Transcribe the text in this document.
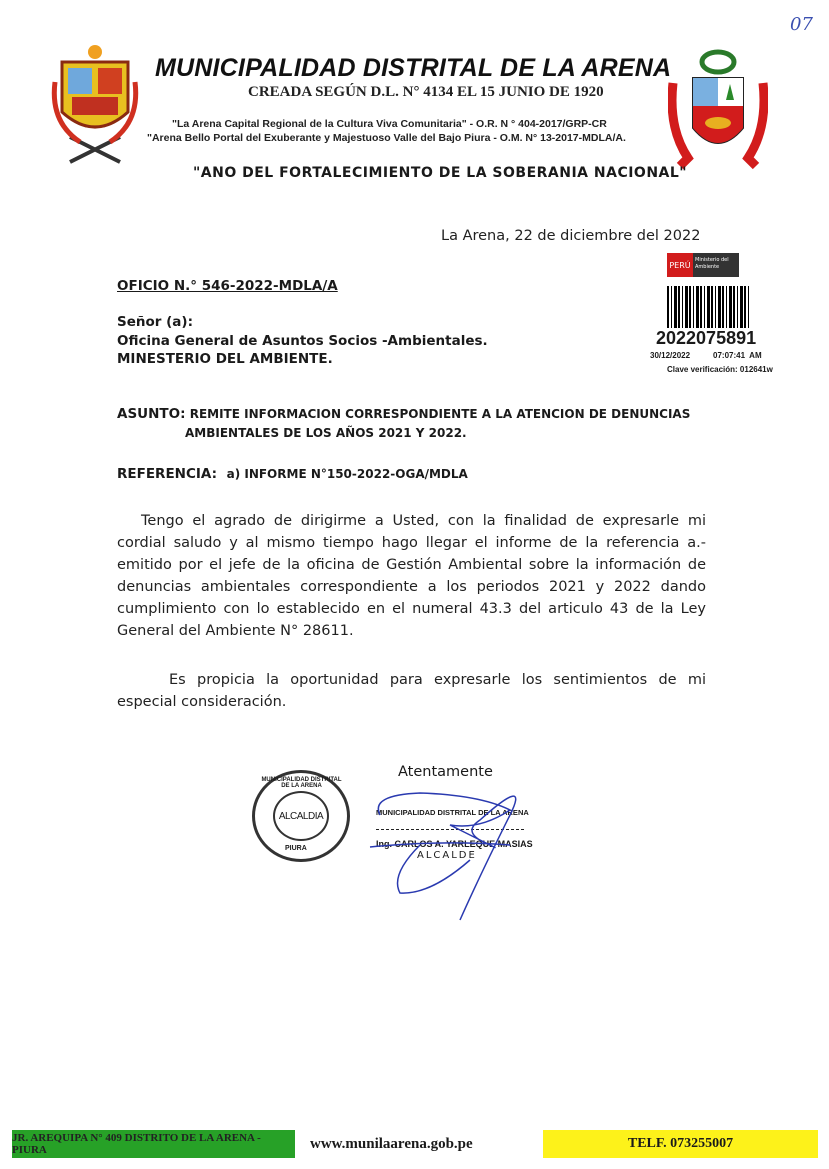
07
MUNICIPALIDAD DISTRITAL DE LA ARENA
CREADA SEGÚN D.L. N° 4134 EL 15 JUNIO DE 1920
"La Arena Capital Regional de la Cultura Viva Comunitaria" - O.R. N ° 404-2017/GRP-CR
"Arena Bello Portal del Exuberante y Majestuoso Valle del Bajo Piura - O.M. N° 13-2017-MDLA/A.
"ANO DEL FORTALECIMIENTO DE LA SOBERANIA NACIONAL"
La Arena, 22 de diciembre del 2022
PERÚ
Ministerio del Ambiente
2022075891
30/12/2022	07:07:41  AM
Clave verificación: 012641w
OFICIO N.° 546-2022-MDLA/A
Señor (a):
Oficina General de Asuntos Socios -Ambientales.
MINESTERIO DEL AMBIENTE.
ASUNTO: REMITE INFORMACION CORRESPONDIENTE A LA ATENCION DE DENUNCIAS
AMBIENTALES DE LOS AÑOS 2021 Y 2022.
REFERENCIA: a) INFORME N°150-2022-OGA/MDLA

Tengo el agrado de dirigirme a Usted, con la finalidad de expresarle mi cordial saludo y al mismo tiempo hago llegar el informe de la referencia a.- emitido por el jefe de la oficina de Gestión Ambiental sobre la información de denuncias ambientales correspondiente a los periodos 2021 y 2022 dando cumplimiento con lo establecido en el numeral 43.3 del articulo 43 de la Ley General del Ambiente N° 28611.

Es propicia la oportunidad para expresarle los sentimientos de mi especial consideración.

Atentamente
MUNICIPALIDAD DISTRITAL DE LA ARENA
ALCALDIA
PIURA
MUNICIPALIDAD DISTRITAL DE LA ARENA
Ing. CARLOS A. YARLEQUE MASIAS
ALCALDE
JR. AREQUIPA N° 409 DISTRITO DE LA ARENA - PIURA	www.munilaarena.gob.pe	TELF. 073255007
